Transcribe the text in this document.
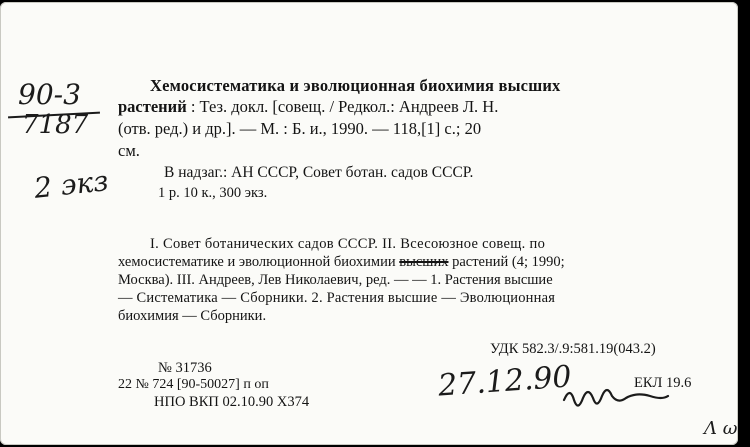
90-3
7187
2 экз
Хемосистематика и эволюционная биохимия высших
растений : Тез. докл. [совещ. / Редкол.: Андреев Л. Н.
(отв. ред.) и др.]. — М. : Б. и., 1990. — 118,[1] с.; 20
см.
В надзаг.: АН СССР, Совет ботан. садов СССР.
1 р. 10 к., 300 экз.
I. Совет ботанических садов СССР. II. Всесоюзное совещ. по
хемосистематике и эволюционной биохимии высших растений (4; 1990;
Москва). III. Андреев, Лев Николаевич, ред. — — 1. Растения высшие
— Систематика — Сборники. 2. Растения высшие — Эволюционная
биохимия — Сборники.
УДК 582.3/.9:581.19(043.2)
№ 31736
22 № 724 [90-50027] п оп
НПО ВКП 02.10.90 Х374
ЕКЛ 19.6
27.12.90
Λ ω
